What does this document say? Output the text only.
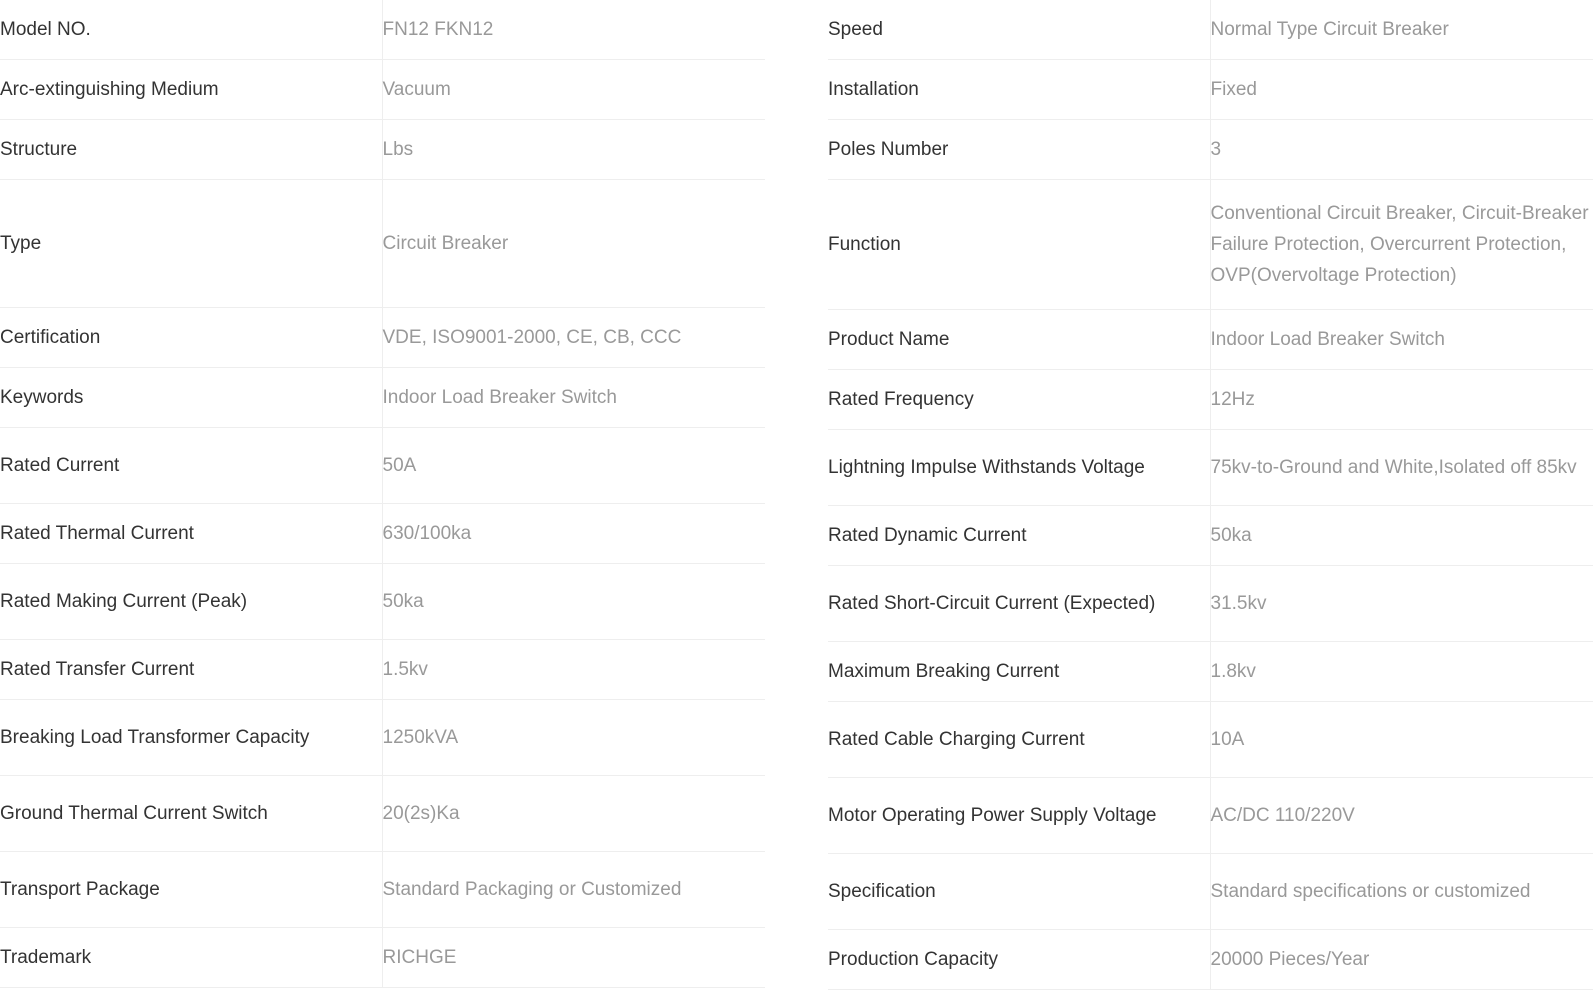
Model NO.	FN12 FKN12
Arc-extinguishing Medium	Vacuum
Structure	Lbs
Type	Circuit Breaker
Certification	VDE, ISO9001-2000, CE, CB, CCC
Keywords	Indoor Load Breaker Switch
Rated Current	50A
Rated Thermal Current	630/100ka
Rated Making Current (Peak)	50ka
Rated Transfer Current	1.5kv
Breaking Load Transformer Capacity	1250kVA
Ground Thermal Current Switch	20(2s)Ka
Transport Package	Standard Packaging or Customized
Trademark	RICHGE
Speed	Normal Type Circuit Breaker
Installation	Fixed
Poles Number	3
Function	Conventional Circuit Breaker, Circuit-Breaker Failure Protection, Overcurrent Protection, OVP(Overvoltage Protection)
Product Name	Indoor Load Breaker Switch
Rated Frequency	12Hz
Lightning Impulse Withstands Voltage	75kv-to-Ground and White,Isolated off 85kv
Rated Dynamic Current	50ka
Rated Short-Circuit Current (Expected)	31.5kv
Maximum Breaking Current	1.8kv
Rated Cable Charging Current	10A
Motor Operating Power Supply Voltage	AC/DC 110/220V
Specification	Standard specifications or customized
Production Capacity	20000 Pieces/Year
